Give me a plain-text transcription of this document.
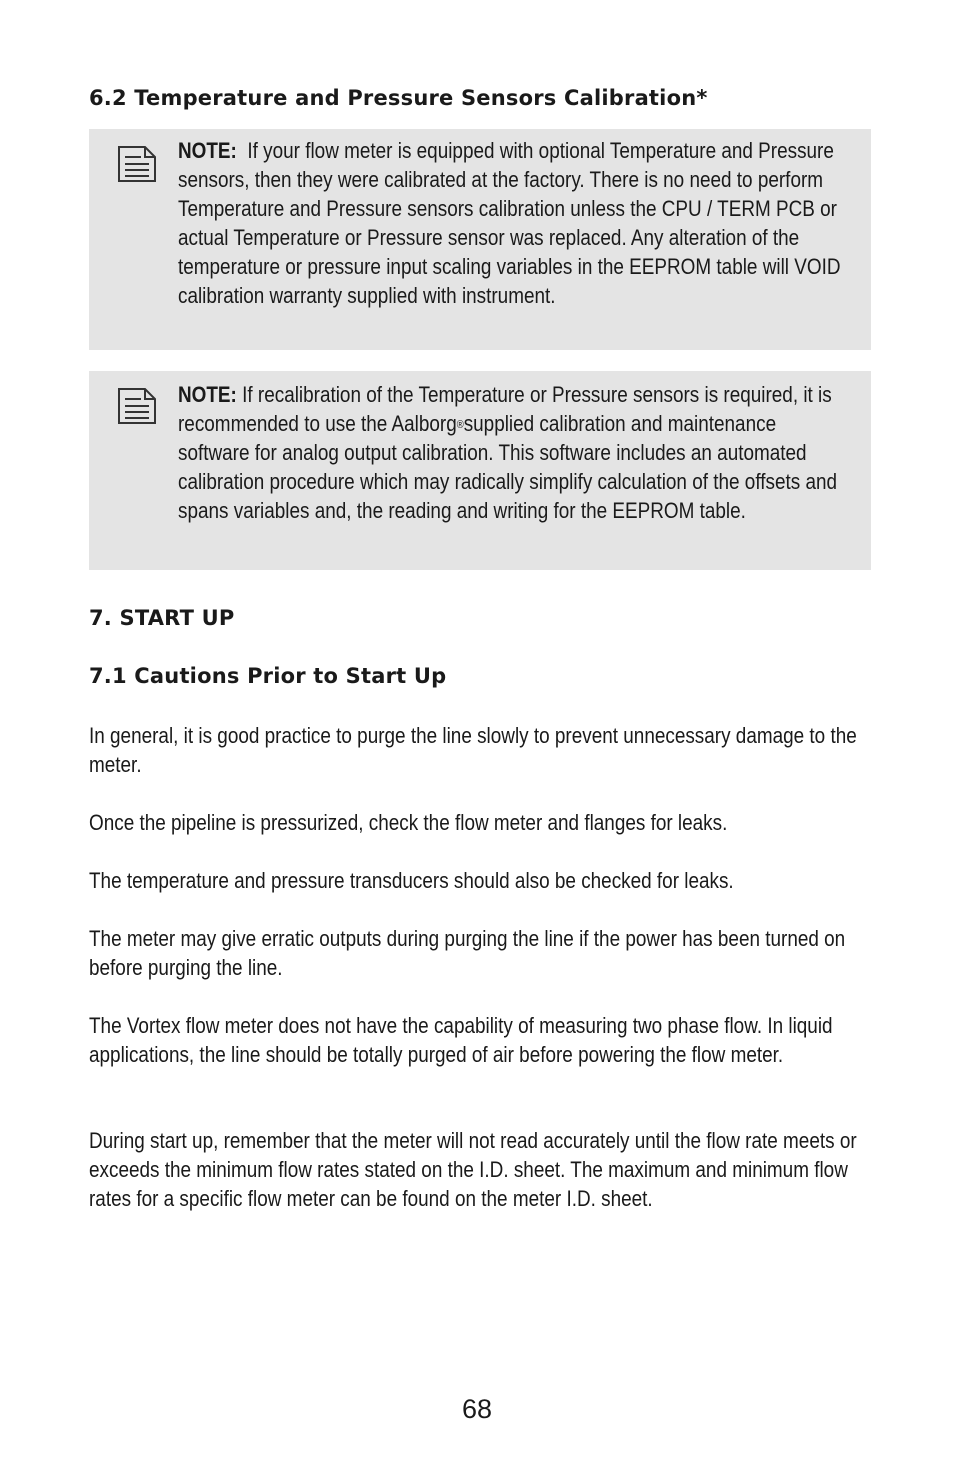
6.2 Temperature and Pressure Sensors Calibration*
NOTE: If your flow meter is equipped with optional Temperature and Pressure sensors, then they were calibrated at the factory. There is no need to perform Temperature and Pressure sensors calibration unless the CPU / TERM PCB or actual Temperature or Pressure sensor was replaced. Any alteration of the temperature or pressure input scaling variables in the EEPROM table will VOID calibration warranty supplied with instrument.
NOTE: If recalibration of the Temperature or Pressure sensors is required, it is recommended to use the Aalborg®supplied calibration and maintenance software for analog output calibration. This software includes an automated calibration procedure which may radically simplify calculation of the offsets and spans variables and, the reading and writing for the EEPROM table.
7. START UP
7.1 Cautions Prior to Start Up

In general, it is good practice to purge the line slowly to prevent unnecessary damage to the meter.

Once the pipeline is pressurized, check the flow meter and flanges for leaks.

The temperature and pressure transducers should also be checked for leaks.

The meter may give erratic outputs during purging the line if the power has been turned on before purging the line.

The Vortex flow meter does not have the capability of measuring two phase flow. In liquid applications, the line should be totally purged of air before powering the flow meter.

During start up, remember that the meter will not read accurately until the flow rate meets or exceeds the minimum flow rates stated on the I.D. sheet. The maximum and minimum flow rates for a specific flow meter can be found on the meter I.D. sheet.

68
